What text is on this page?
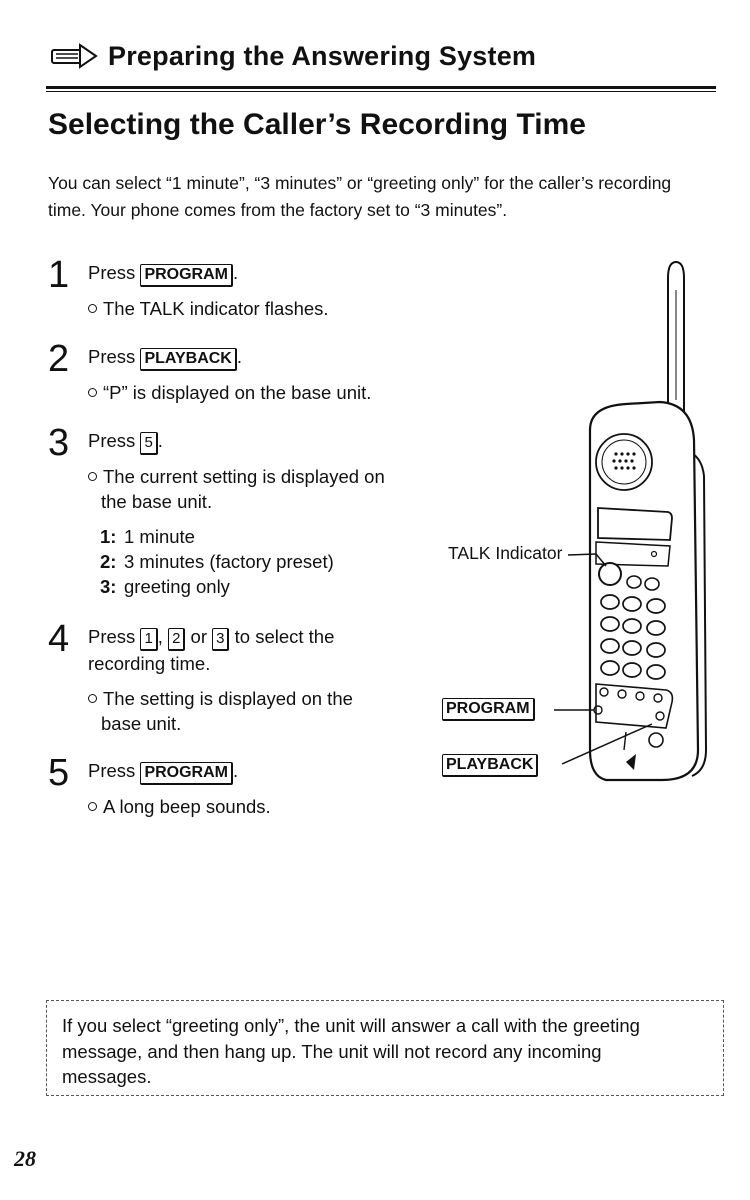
Preparing the Answering System
Selecting the Caller’s Recording Time
You can select “1 minute”, “3 minutes” or “greeting only” for the caller’s recording time. Your phone comes from the factory set to “3 minutes”.
1 Press PROGRAM .
The TALK indicator flashes.
2 Press PLAYBACK .
“P” is displayed on the base unit.
3 Press 5 .
The current setting is displayed on
the base unit.
1: 1 minute
2: 3 minutes (factory preset)
3: greeting only
4 Press 1 , 2 or 3 to select the
recording time.
The setting is displayed on the
base unit.
5 Press PROGRAM .
A long beep sounds.
TALK Indicator
PROGRAM
PLAYBACK
If you select “greeting only”, the unit will answer a call with the greeting
message, and then hang up. The unit will not record any incoming
messages.
28
